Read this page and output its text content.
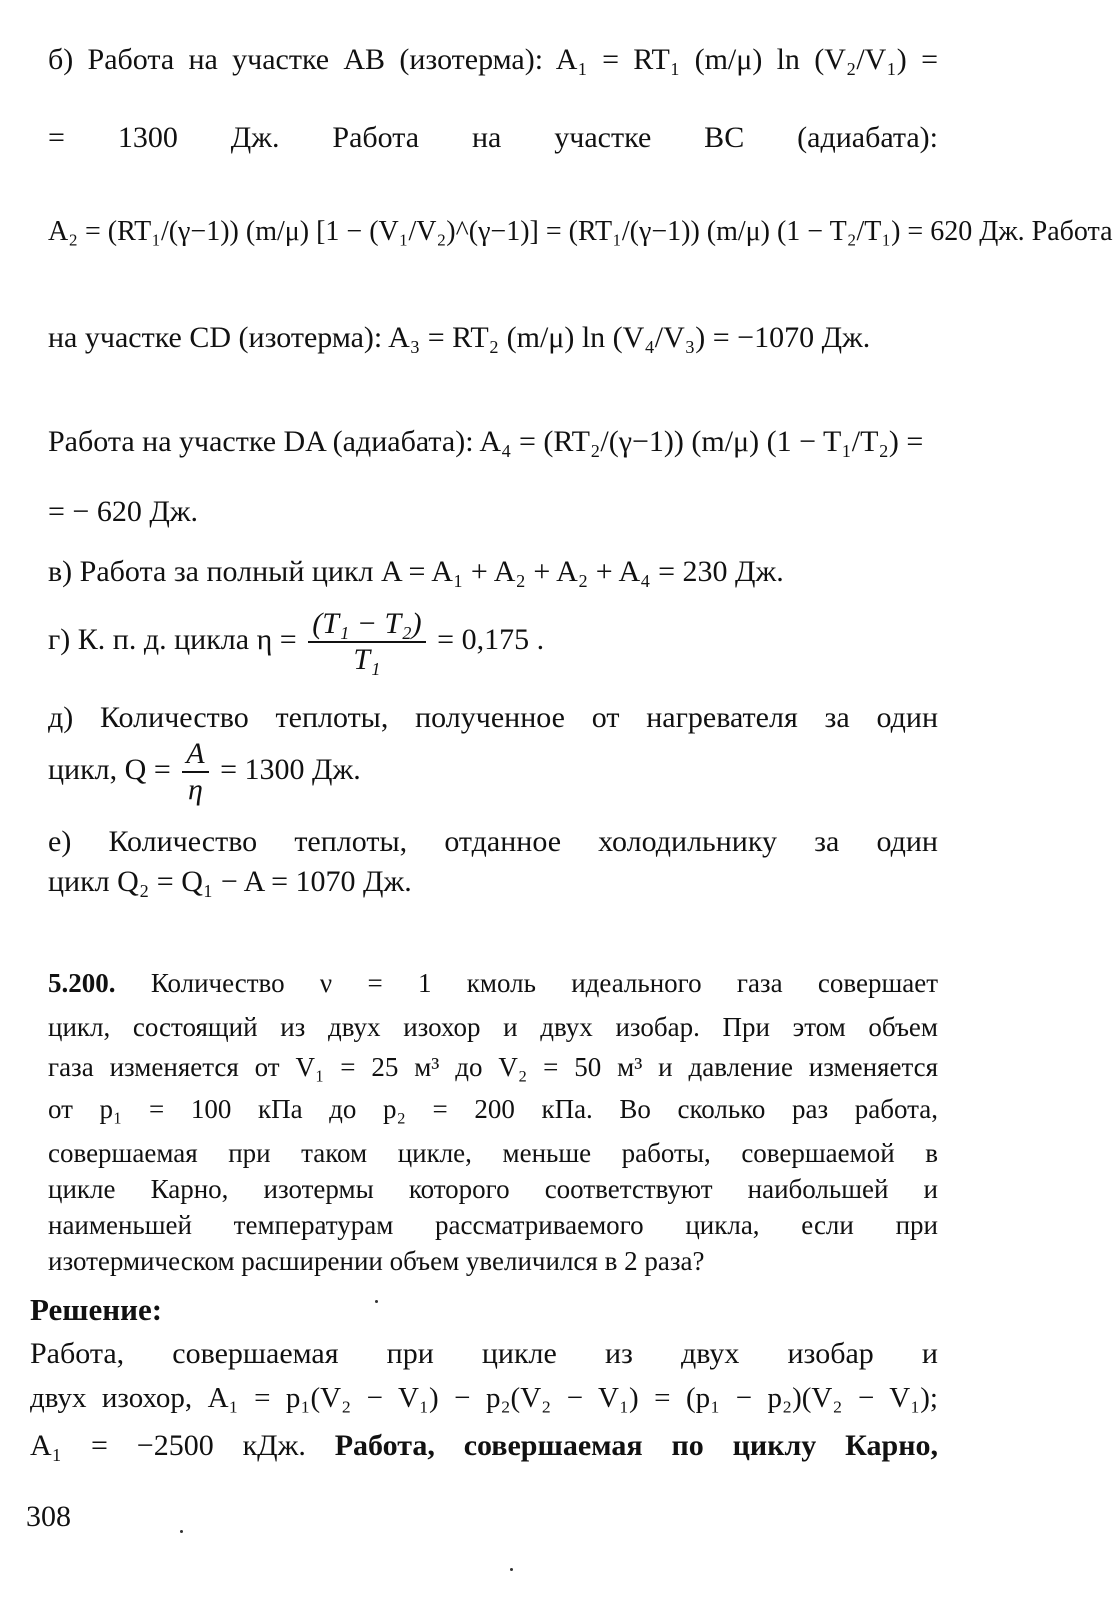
б) Работа на участке AB (изотерма): A₁ = RT₁ (m/μ) ln (V₂/V₁) =
= 1300 Дж. Работа на участке BC (адиабата):
A₂ = (RT₁/(γ−1)) (m/μ) [1 − (V₁/V₂)^(γ−1)] = (RT₁/(γ−1)) (m/μ) (1 − T₂/T₁) = 620 Дж. Работа
на участке CD (изотерма): A₃ = RT₂ (m/μ) ln (V₄/V₃) = −1070 Дж.
Работа на участке DA (адиабата): A₄ = (RT₂/(γ−1)) (m/μ) (1 − T₁/T₂) =
= − 620 Дж.
в) Работа за полный цикл A = A₁ + A₂ + A₂ + A₄ = 230 Дж.
г) К. п. д. цикла $\eta = \frac{\text{(T₁ − T₂)}}{\text{T₁}} = 0,175$ .
д) Количество теплоты, полученное от нагревателя за один
цикл, $Q = \frac{A}{\eta} = 1300$ Дж.
е) Количество теплоты, отданное холодильнику за один
цикл Q₂ = Q₁ − A = 1070 Дж.
5.200. Количество ν = 1 кмоль идеального газа совершает
цикл, состоящий из двух изохор и двух изобар. При этом объем
газа изменяется от V₁ = 25 м³ до V₂ = 50 м³ и давление изменяется
от p₁ = 100 кПа до p₂ = 200 кПа. Во сколько раз работа,
совершаемая при таком цикле, меньше работы, совершаемой в
цикле Карно, изотермы которого соответствуют наибольшей и
наименьшей температурам рассматриваемого цикла, если при
изотермическом расширении объем увеличился в 2 раза?
Решение:
Работа, совершаемая при цикле из двух изобар и
двух изохор, A₁ = p₁(V₂ − V₁) − p₂(V₂ − V₁) = (p₁ − p₂)(V₂ − V₁);
A₁ = −2500 кДж. Работа, совершаемая по циклу Карно,
308
